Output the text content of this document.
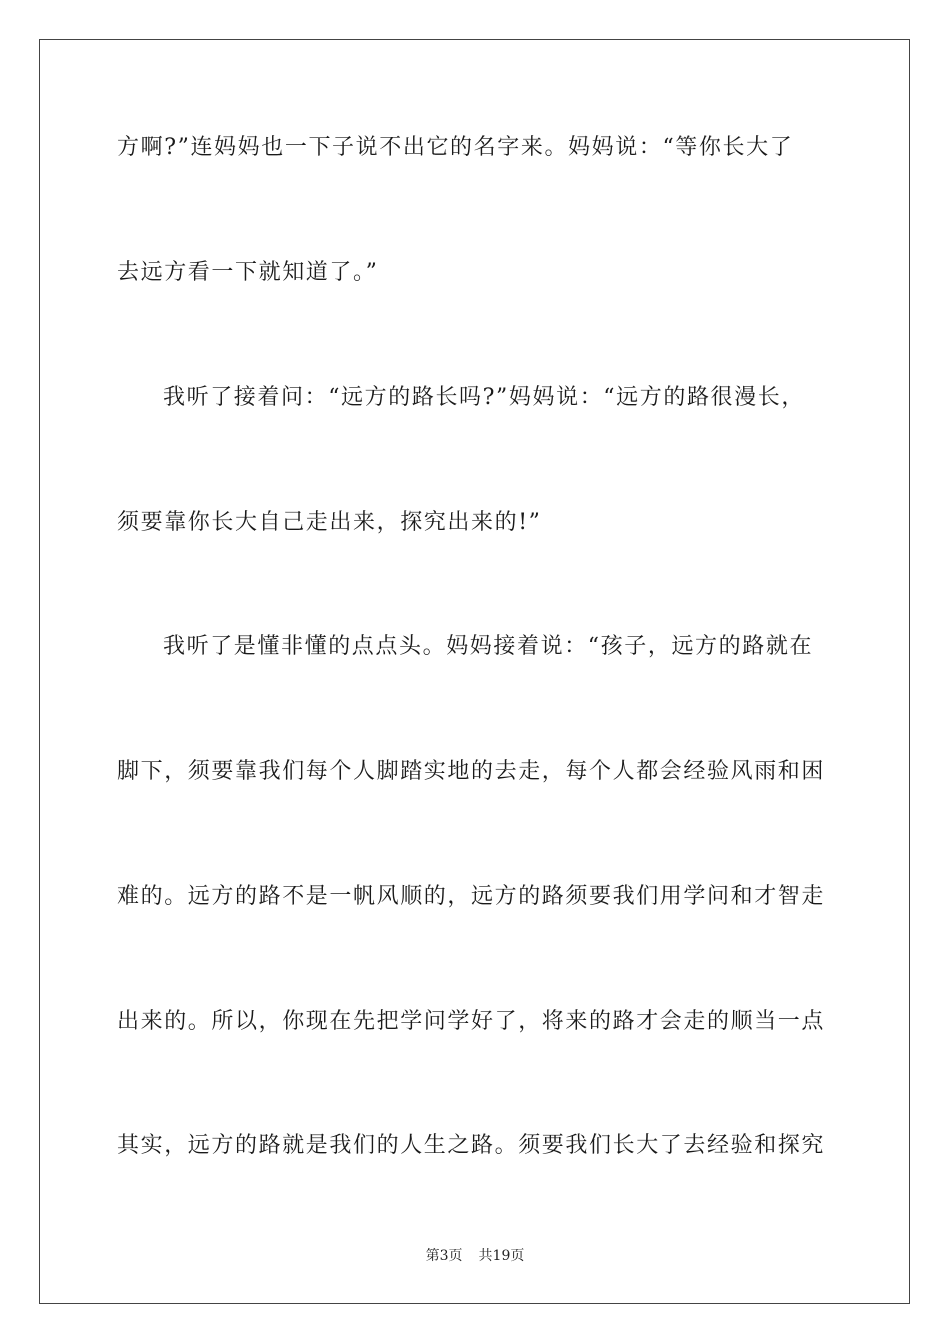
方啊?”连妈妈也一下子说不出它的名字来。妈妈说：“等你长大了
去远方看一下就知道了。”
我听了接着问：“远方的路长吗?”妈妈说：“远方的路很漫长，
须要靠你长大自己走出来，探究出来的!”
我听了是懂非懂的点点头。妈妈接着说：“孩子，远方的路就在
脚下，须要靠我们每个人脚踏实地的去走，每个人都会经验风雨和困
难的。远方的路不是一帆风顺的，远方的路须要我们用学问和才智走
出来的。所以，你现在先把学问学好了，将来的路才会走的顺当一点
其实，远方的路就是我们的人生之路。须要我们长大了去经验和探究
第3页 共19页
